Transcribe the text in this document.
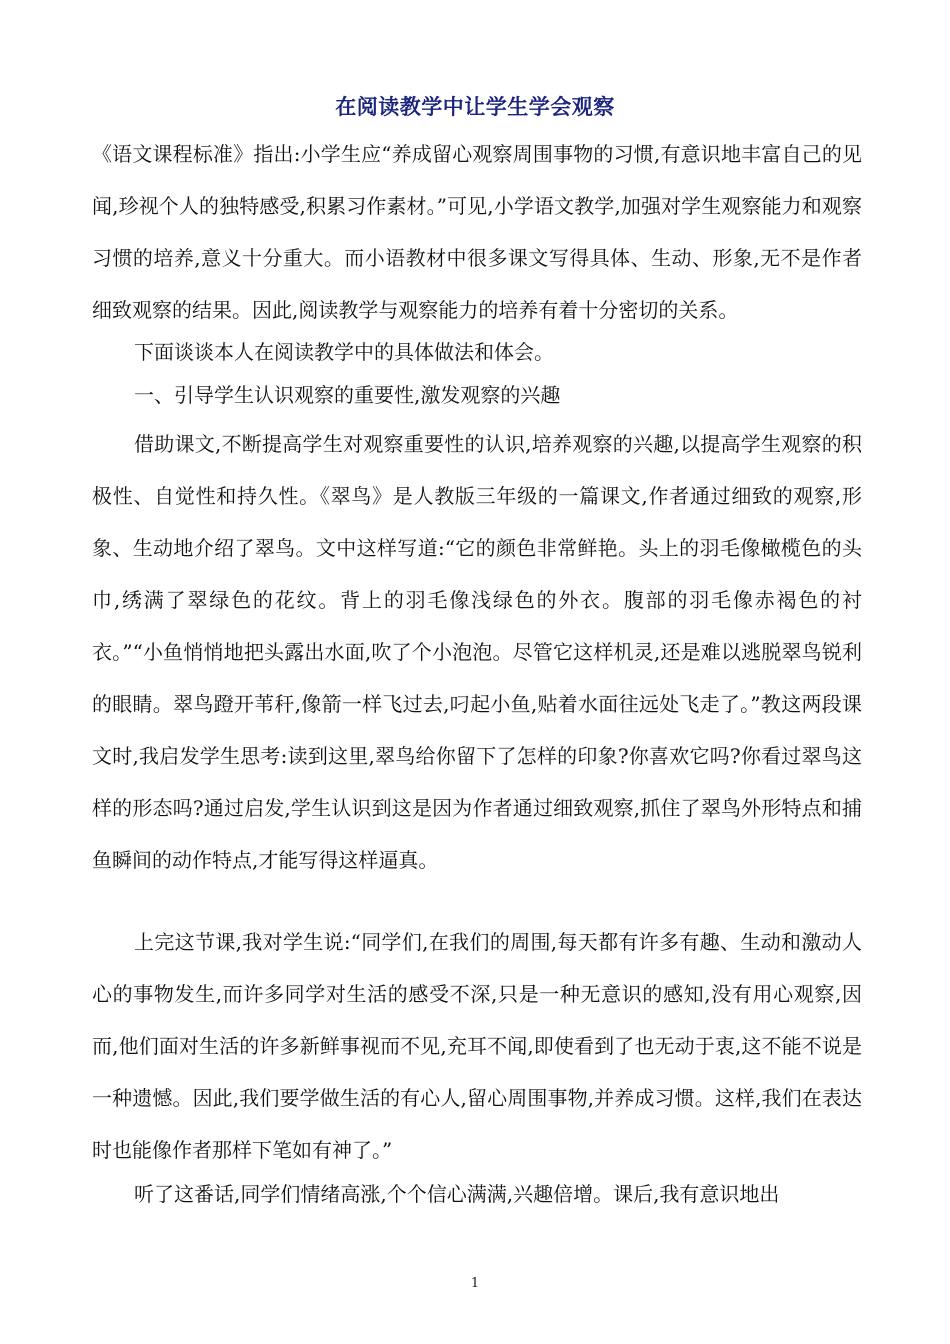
在阅读教学中让学生学会观察

《语文课程标准》指出:小学生应“养成留心观察周围事物的习惯,有意识地丰富自己的见闻,珍视个人的独特感受,积累习作素材。”可见,小学语文教学,加强对学生观察能力和观察习惯的培养,意义十分重大。而小语教材中很多课文写得具体、生动、形象,无不是作者细致观察的结果。因此,阅读教学与观察能力的培养有着十分密切的关系。

下面谈谈本人在阅读教学中的具体做法和体会。

一、引导学生认识观察的重要性,激发观察的兴趣

借助课文,不断提高学生对观察重要性的认识,培养观察的兴趣,以提高学生观察的积极性、自觉性和持久性。《翠鸟》是人教版三年级的一篇课文,作者通过细致的观察,形象、生动地介绍了翠鸟。文中这样写道:“它的颜色非常鲜艳。头上的羽毛像橄榄色的头巾,绣满了翠绿色的花纹。背上的羽毛像浅绿色的外衣。腹部的羽毛像赤褐色的衬衣。”“小鱼悄悄地把头露出水面,吹了个小泡泡。尽管它这样机灵,还是难以逃脱翠鸟锐利的眼睛。翠鸟蹬开苇秆,像箭一样飞过去,叼起小鱼,贴着水面往远处飞走了。”教这两段课文时,我启发学生思考:读到这里,翠鸟给你留下了怎样的印象?你喜欢它吗?你看过翠鸟这样的形态吗?通过启发,学生认识到这是因为作者通过细致观察,抓住了翠鸟外形特点和捕鱼瞬间的动作特点,才能写得这样逼真。

上完这节课,我对学生说:“同学们,在我们的周围,每天都有许多有趣、生动和激动人心的事物发生,而许多同学对生活的感受不深,只是一种无意识的感知,没有用心观察,因而,他们面对生活的许多新鲜事视而不见,充耳不闻,即使看到了也无动于衷,这不能不说是一种遗憾。因此,我们要学做生活的有心人,留心周围事物,并养成习惯。这样,我们在表达时也能像作者那样下笔如有神了。”

听了这番话,同学们情绪高涨,个个信心满满,兴趣倍增。课后,我有意识地出

1
